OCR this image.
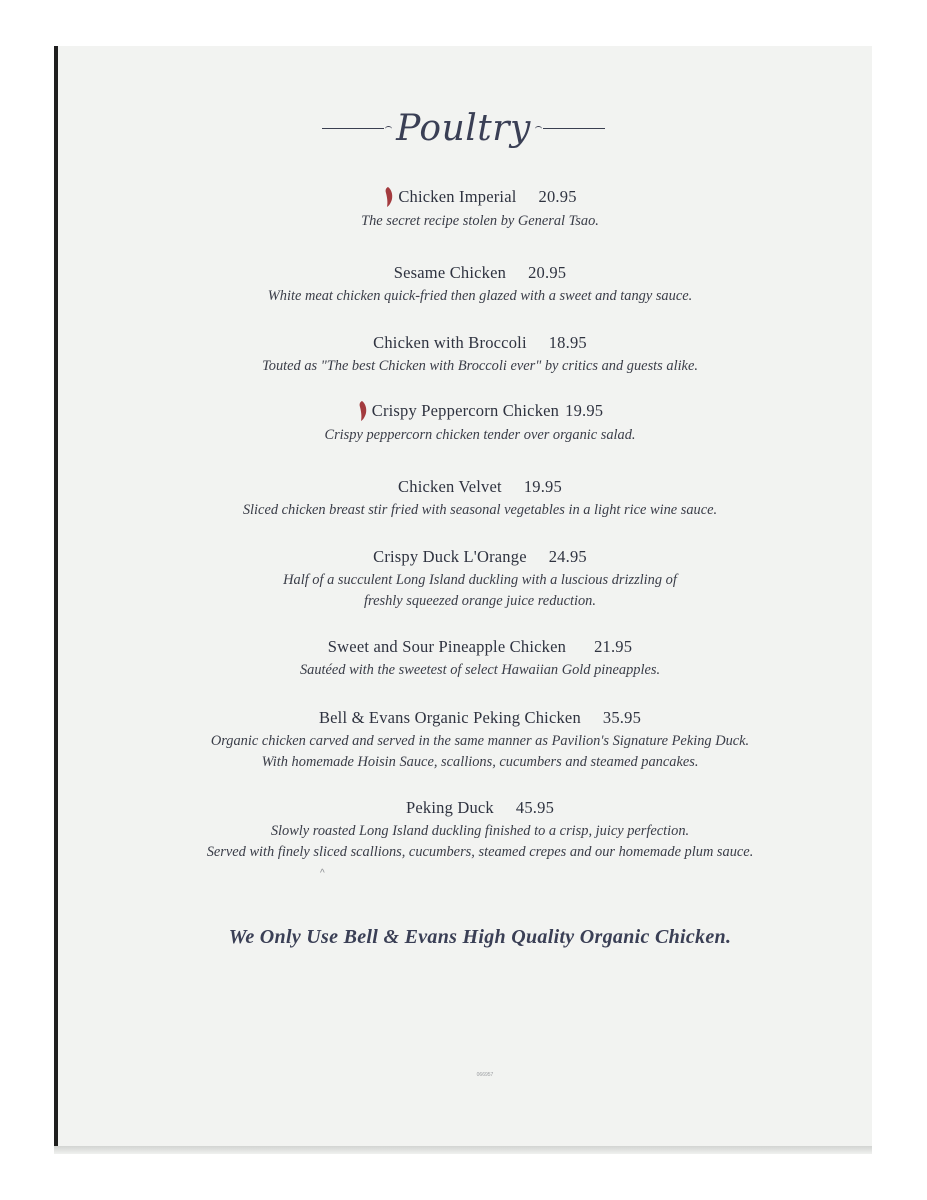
Poultry
Chicken Imperial 20.95
The secret recipe stolen by General Tsao.
Sesame Chicken 20.95
White meat chicken quick-fried then glazed with a sweet and tangy sauce.
Chicken with Broccoli 18.95
Touted as "The best Chicken with Broccoli ever" by critics and guests alike.
Crispy Peppercorn Chicken 19.95
Crispy peppercorn chicken tender over organic salad.
Chicken Velvet 19.95
Sliced chicken breast stir fried with seasonal vegetables in a light rice wine sauce.
Crispy Duck L'Orange 24.95
Half of a succulent Long Island duckling with a luscious drizzling of
freshly squeezed orange juice reduction.
Sweet and Sour Pineapple Chicken 21.95
Sautéed with the sweetest of select Hawaiian Gold pineapples.
Bell & Evans Organic Peking Chicken 35.95
Organic chicken carved and served in the same manner as Pavilion's Signature Peking Duck.
With homemade Hoisin Sauce, scallions, cucumbers and steamed pancakes.
Peking Duck 45.95
Slowly roasted Long Island duckling finished to a crisp, juicy perfection.
Served with finely sliced scallions, cucumbers, steamed crepes and our homemade plum sauce.
^
We Only Use Bell & Evans High Quality Organic Chicken.
066957
